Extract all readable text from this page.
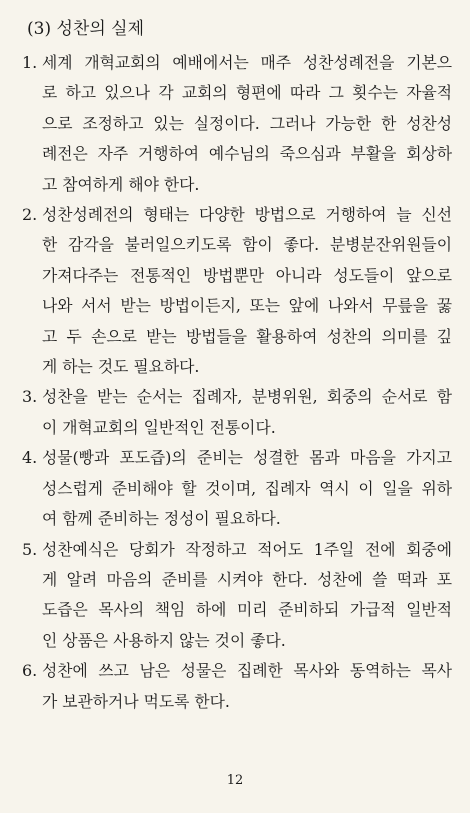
(3) 성찬의 실제
1. 세계 개혁교회의 예배에서는 매주 성찬성례전을 기본으
로 하고 있으나 각 교회의 형편에 따라 그 횟수는 자율적
으로 조정하고 있는 실정이다. 그러나 가능한 한 성찬성
례전은 자주 거행하여 예수님의 죽으심과 부활을 회상하
고 참여하게 해야 한다.
2. 성찬성례전의 형태는 다양한 방법으로 거행하여 늘 신선
한 감각을 불러일으키도록 함이 좋다. 분병분잔위원들이
가져다주는 전통적인 방법뿐만 아니라 성도들이 앞으로
나와 서서 받는 방법이든지, 또는 앞에 나와서 무릎을 꿇
고 두 손으로 받는 방법들을 활용하여 성찬의 의미를 깊
게 하는 것도 필요하다.
3. 성찬을 받는 순서는 집례자, 분병위원, 회중의 순서로 함
이 개혁교회의 일반적인 전통이다.
4. 성물(빵과 포도즙)의 준비는 성결한 몸과 마음을 가지고
성스럽게 준비해야 할 것이며, 집례자 역시 이 일을 위하
여 함께 준비하는 정성이 필요하다.
5. 성찬예식은 당회가 작정하고 적어도 1주일 전에 회중에
게 알려 마음의 준비를 시켜야 한다. 성찬에 쓸 떡과 포
도즙은 목사의 책임 하에 미리 준비하되 가급적 일반적
인 상품은 사용하지 않는 것이 좋다.
6. 성찬에 쓰고 남은 성물은 집례한 목사와 동역하는 목사
가 보관하거나 먹도록 한다.
12
